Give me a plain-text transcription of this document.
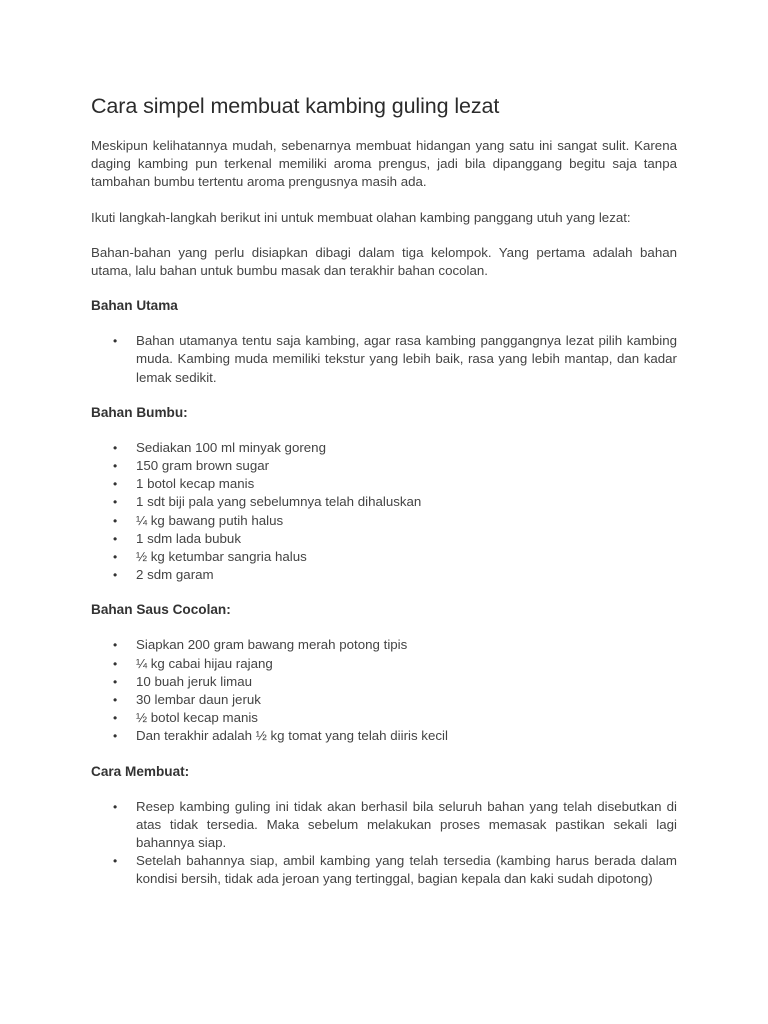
Cara simpel membuat kambing guling lezat

Meskipun kelihatannya mudah, sebenarnya membuat hidangan yang satu ini sangat sulit. Karena daging kambing pun terkenal memiliki aroma prengus, jadi bila dipanggang begitu saja tanpa tambahan bumbu tertentu aroma prengusnya masih ada.

Ikuti langkah-langkah berikut ini untuk membuat olahan kambing panggang utuh yang lezat:

Bahan-bahan yang perlu disiapkan dibagi dalam tiga kelompok. Yang pertama adalah bahan utama, lalu bahan untuk bumbu masak dan terakhir bahan cocolan.

Bahan Utama
• Bahan utamanya tentu saja kambing, agar rasa kambing panggangnya lezat pilih kambing muda. Kambing muda memiliki tekstur yang lebih baik, rasa yang lebih mantap, dan kadar lemak sedikit.
Bahan Bumbu:
• Sediakan 100 ml minyak goreng
• 150 gram brown sugar
• 1 botol kecap manis
• 1 sdt biji pala yang sebelumnya telah dihaluskan
• ¼ kg bawang putih halus
• 1 sdm lada bubuk
• ½ kg ketumbar sangria halus
• 2 sdm garam
Bahan Saus Cocolan:
• Siapkan 200 gram bawang merah potong tipis
• ¼ kg cabai hijau rajang
• 10 buah jeruk limau
• 30 lembar daun jeruk
• ½ botol kecap manis
• Dan terakhir adalah ½ kg tomat yang telah diiris kecil
Cara Membuat:
• Resep kambing guling ini tidak akan berhasil bila seluruh bahan yang telah disebutkan di atas tidak tersedia. Maka sebelum melakukan proses memasak pastikan sekali lagi bahannya siap.
• Setelah bahannya siap, ambil kambing yang telah tersedia (kambing harus berada dalam kondisi bersih, tidak ada jeroan yang tertinggal, bagian kepala dan kaki sudah dipotong)
